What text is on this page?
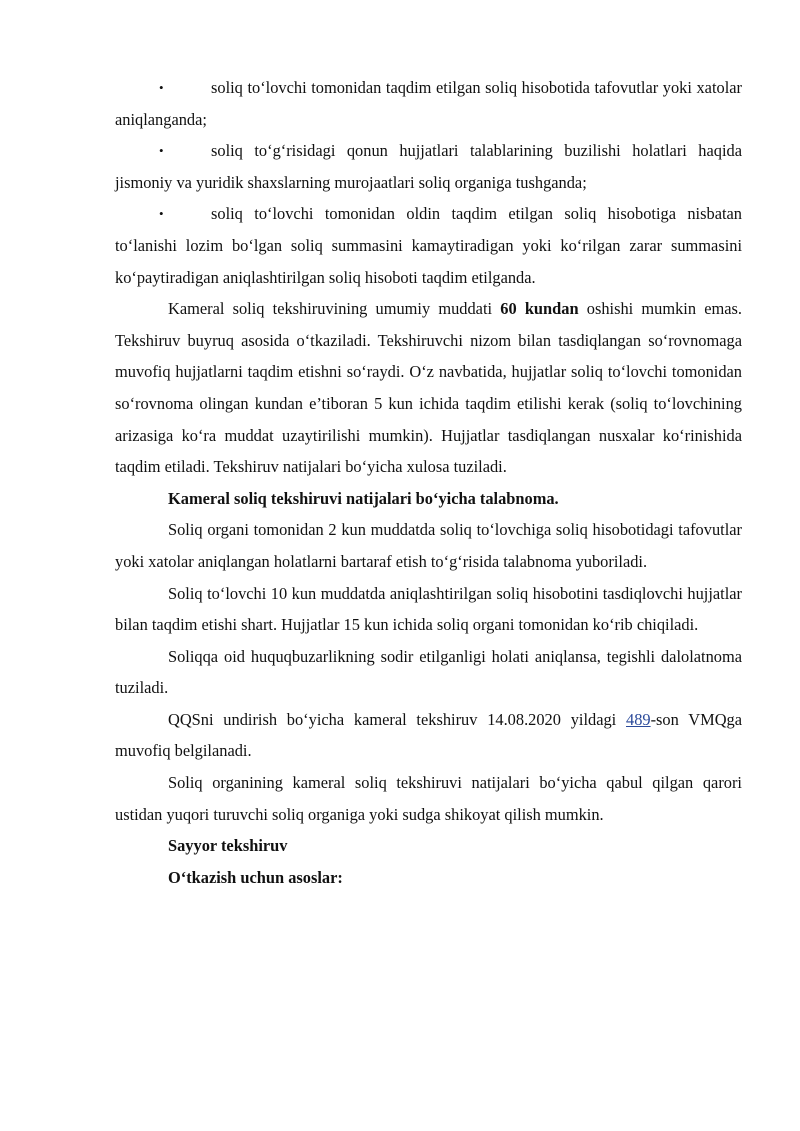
•	soliq to‘lovchi tomonidan taqdim etilgan soliq hisobotida tafovutlar yoki xatolar aniqlanganda;

•	soliq to‘g‘risidagi qonun hujjatlari talablarining buzilishi holatlari haqida jismoniy va yuridik shaxslarning murojaatlari soliq organiga tushganda;

•	soliq to‘lovchi tomonidan oldin taqdim etilgan soliq hisobotiga nisbatan to‘lanishi lozim bo‘lgan soliq summasini kamaytiradigan yoki ko‘rilgan zarar summasini ko‘paytiradigan aniqlashtirilgan soliq hisoboti taqdim etilganda.

Kameral soliq tekshiruvining umumiy muddati 60 kundan oshishi mumkin emas. Tekshiruv buyruq asosida o‘tkaziladi. Tekshiruvchi nizom bilan tasdiqlangan so‘rovnomaga muvofiq hujjatlarni taqdim etishni so‘raydi. O‘z navbatida, hujjatlar soliq to‘lovchi tomonidan so‘rovnoma olingan kundan e’tiboran 5 kun ichida taqdim etilishi kerak (soliq to‘lovchining arizasiga ko‘ra muddat uzaytirilishi mumkin). Hujjatlar tasdiqlangan nusxalar ko‘rinishida taqdim etiladi. Tekshiruv natijalari bo‘yicha xulosa tuziladi.

Kameral soliq tekshiruvi natijalari bo‘yicha talabnoma.

Soliq organi tomonidan 2 kun muddatda soliq to‘lovchiga soliq hisobotidagi tafovutlar yoki xatolar aniqlangan holatlarni bartaraf etish to‘g‘risida talabnoma yuboriladi.

Soliq to‘lovchi 10 kun muddatda aniqlashtirilgan soliq hisobotini tasdiqlovchi hujjatlar bilan taqdim etishi shart. Hujjatlar 15 kun ichida soliq organi tomonidan ko‘rib chiqiladi.

Soliqqa oid huquqbuzarlikning sodir etilganligi holati aniqlansa, tegishli dalolatnoma tuziladi.

QQSni undirish bo‘yicha kameral tekshiruv 14.08.2020 yildagi 489-son VMQga muvofiq belgilanadi.

Soliq organining kameral soliq tekshiruvi natijalari bo‘yicha qabul qilgan qarori ustidan yuqori turuvchi soliq organiga yoki sudga shikoyat qilish mumkin.

Sayyor tekshiruv

O‘tkazish uchun asoslar:
